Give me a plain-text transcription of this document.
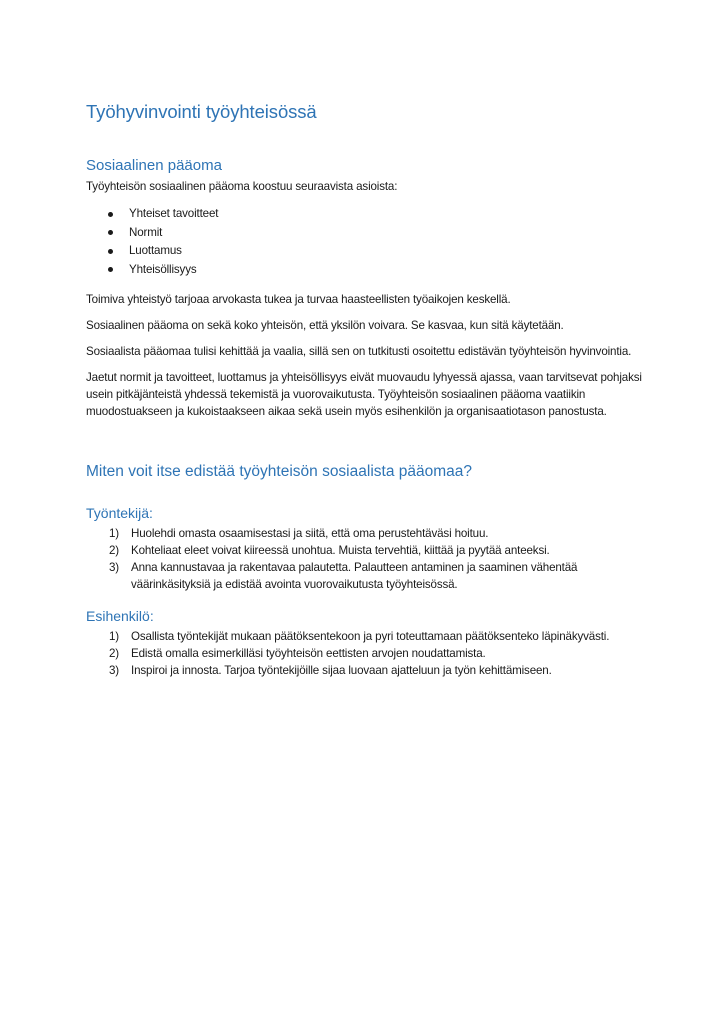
Työhyvinvointi työyhteisössä
Sosiaalinen pääoma

Työyhteisön sosiaalinen pääoma koostuu seuraavista asioista:

Yhteiset tavoitteet
Normit
Luottamus
Yhteisöllisyys

Toimiva yhteistyö tarjoaa arvokasta tukea ja turvaa haasteellisten työaikojen keskellä.

Sosiaalinen pääoma on sekä koko yhteisön, että yksilön voivara. Se kasvaa, kun sitä käytetään.

Sosiaalista pääomaa tulisi kehittää ja vaalia, sillä sen on tutkitusti osoitettu edistävän työyhteisön hyvinvointia.

Jaetut normit ja tavoitteet, luottamus ja yhteisöllisyys eivät muovaudu lyhyessä ajassa, vaan tarvitsevat pohjaksi usein pitkäjänteistä yhdessä tekemistä ja vuorovaikutusta. Työyhteisön sosiaalinen pääoma vaatiikin muodostuakseen ja kukoistaakseen aikaa sekä usein myös esihenkilön ja organisaatiotason panostusta.

Miten voit itse edistää työyhteisön sosiaalista pääomaa?
Työntekijä:
1) Huolehdi omasta osaamisestasi ja siitä, että oma perustehtäväsi hoituu.
2) Kohteliaat eleet voivat kiireessä unohtua. Muista tervehtiä, kiittää ja pyytää anteeksi.
3) Anna kannustavaa ja rakentavaa palautetta. Palautteen antaminen ja saaminen vähentää väärinkäsityksiä ja edistää avointa vuorovaikutusta työyhteisössä.
Esihenkilö:
1) Osallista työntekijät mukaan päätöksentekoon ja pyri toteuttamaan päätöksenteko läpinäkyvästi.
2) Edistä omalla esimerkilläsi työyhteisön eettisten arvojen noudattamista.
3) Inspiroi ja innosta. Tarjoa työntekijöille sijaa luovaan ajatteluun ja työn kehittämiseen.
